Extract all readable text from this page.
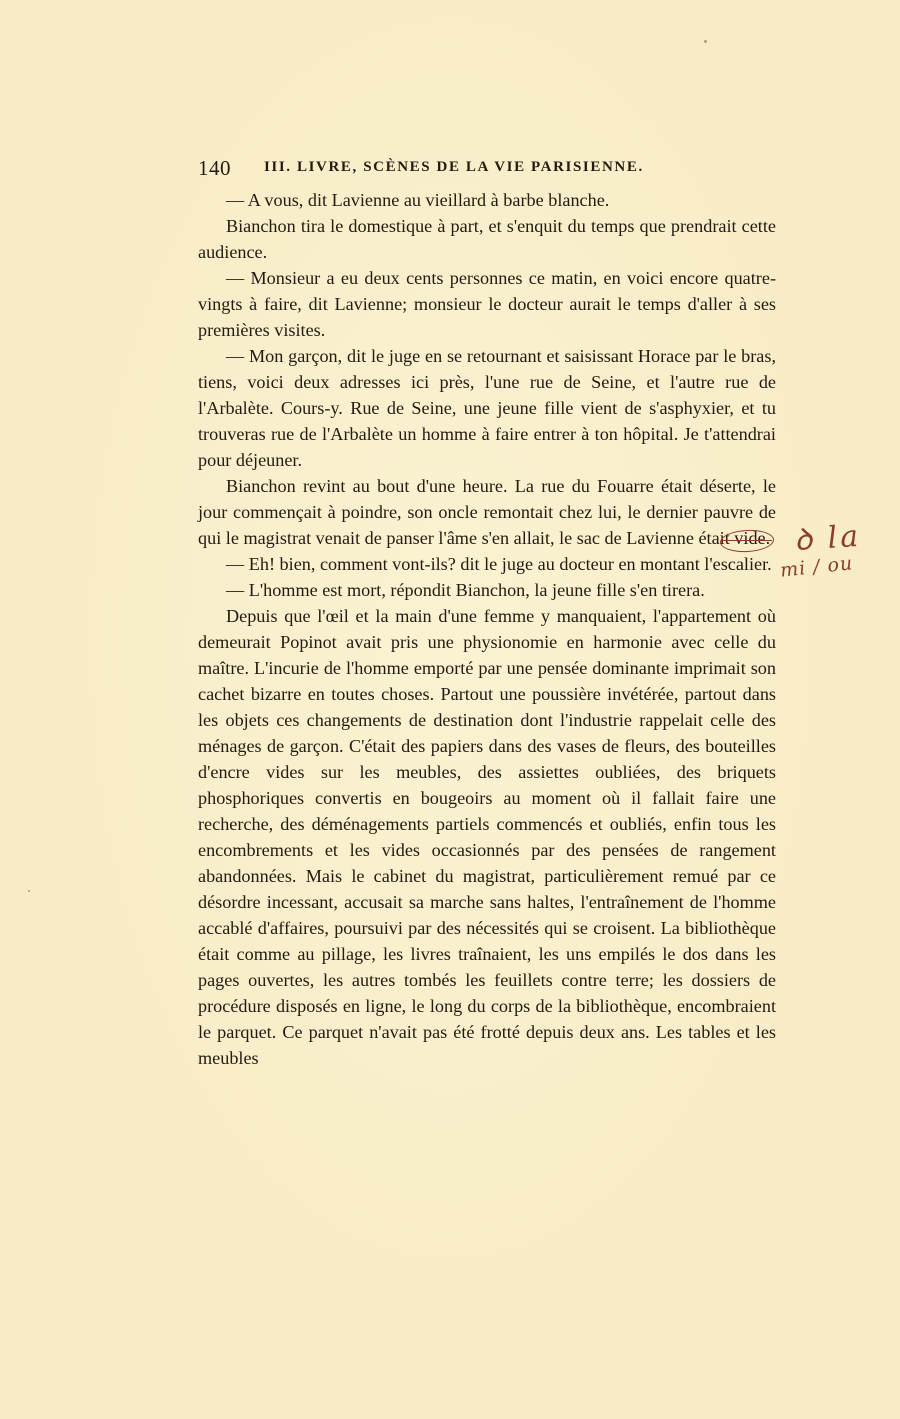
140 III. LIVRE, SCÈNES DE LA VIE PARISIENNE.

— A vous, dit Lavienne au vieillard à barbe blanche.

Bianchon tira le domestique à part, et s'enquit du temps que prendrait cette audience.

— Monsieur a eu deux cents personnes ce matin, en voici encore quatre-vingts à faire, dit Lavienne; monsieur le docteur aurait le temps d'aller à ses premières visites.

— Mon garçon, dit le juge en se retournant et saisissant Horace par le bras, tiens, voici deux adresses ici près, l'une rue de Seine, et l'autre rue de l'Arbalète. Cours-y. Rue de Seine, une jeune fille vient de s'asphyxier, et tu trouveras rue de l'Arbalète un homme à faire entrer à ton hôpital. Je t'attendrai pour déjeuner.

Bianchon revint au bout d'une heure. La rue du Fouarre était déserte, le jour commençait à poindre, son oncle remontait chez lui, le dernier pauvre de qui le magistrat venait de panser l'âme s'en allait, le sac de Lavienne était vide.

— Eh! bien, comment vont-ils? dit le juge au docteur en montant l'escalier.

— L'homme est mort, répondit Bianchon, la jeune fille s'en tirera.

Depuis que l'œil et la main d'une femme y manquaient, l'appartement où demeurait Popinot avait pris une physionomie en harmonie avec celle du maître. L'incurie de l'homme emporté par une pensée dominante imprimait son cachet bizarre en toutes choses. Partout une poussière invétérée, partout dans les objets ces changements de destination dont l'industrie rappelait celle des ménages de garçon. C'était des papiers dans des vases de fleurs, des bouteilles d'encre vides sur les meubles, des assiettes oubliées, des briquets phosphoriques convertis en bougeoirs au moment où il fallait faire une recherche, des déménagements partiels commencés et oubliés, enfin tous les encombrements et les vides occasionnés par des pensées de rangement abandonnées. Mais le cabinet du magistrat, particulièrement remué par ce désordre incessant, accusait sa marche sans haltes, l'entraînement de l'homme accablé d'affaires, poursuivi par des nécessités qui se croisent. La bibliothèque était comme au pillage, les livres traînaient, les uns empilés le dos dans les pages ouvertes, les autres tombés les feuillets contre terre; les dossiers de procédure disposés en ligne, le long du corps de la bibliothèque, encombraient le parquet. Ce parquet n'avait pas été frotté depuis deux ans. Les tables et les meubles

ꝺ la
mi / ou
